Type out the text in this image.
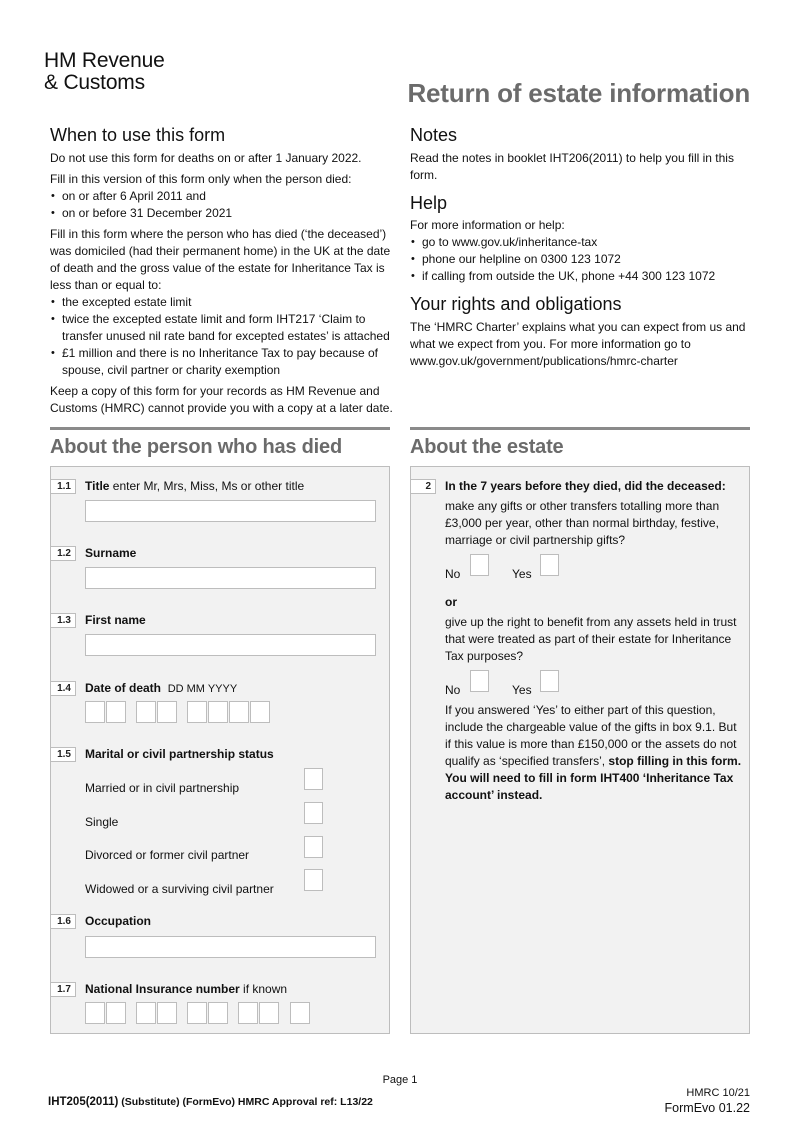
HM Revenue
& Customs	Return of estate information
When to use this form
Do not use this form for deaths on or after 1 January 2022.
Fill in this version of this form only when the person died:
• on or after 6 April 2011 and
• on or before 31 December 2021
Fill in this form where the person who has died (‘the deceased’) was domiciled (had their permanent home) in the UK at the date of death and the gross value of the estate for Inheritance Tax is less than or equal to:
• the excepted estate limit
• twice the excepted estate limit and form IHT217 ‘Claim to transfer unused nil rate band for excepted estates’ is attached
• £1 million and there is no Inheritance Tax to pay because of spouse, civil partner or charity exemption
Keep a copy of this form for your records as HM Revenue and Customs (HMRC) cannot provide you with a copy at a later date.
Notes
Read the notes in booklet IHT206(2011) to help you fill in this form.
Help
For more information or help:
• go to www.gov.uk/inheritance-tax
• phone our helpline on 0300 123 1072
• if calling from outside the UK, phone +44 300 123 1072
Your rights and obligations
The ‘HMRC Charter’ explains what you can expect from us and what we expect from you. For more information go to www.gov.uk/government/publications/hmrc-charter
About the person who has died
1.1	Title enter Mr, Mrs, Miss, Ms or other title
1.2	Surname
1.3	First name
1.4	Date of death DD MM YYYY
1.5	Marital or civil partnership status
Married or in civil partnership
Single
Divorced or former civil partner
Widowed or a surviving civil partner
1.6	Occupation
1.7	National Insurance number if known
About the estate
2	In the 7 years before they died, did the deceased:
make any gifts or other transfers totalling more than £3,000 per year, other than normal birthday, festive, marriage or civil partnership gifts?
No	Yes
or
give up the right to benefit from any assets held in trust that were treated as part of their estate for Inheritance Tax purposes?
No	Yes
If you answered ‘Yes’ to either part of this question, include the chargeable value of the gifts in box 9.1. But if this value is more than £150,000 or the assets do not qualify as ‘specified transfers’, stop filling in this form. You will need to fill in form IHT400 ‘Inheritance Tax account’ instead.
Page 1
IHT205(2011) (Substitute) (FormEvo) HMRC Approval ref: L13/22
HMRC 10/21
FormEvo 01.22
